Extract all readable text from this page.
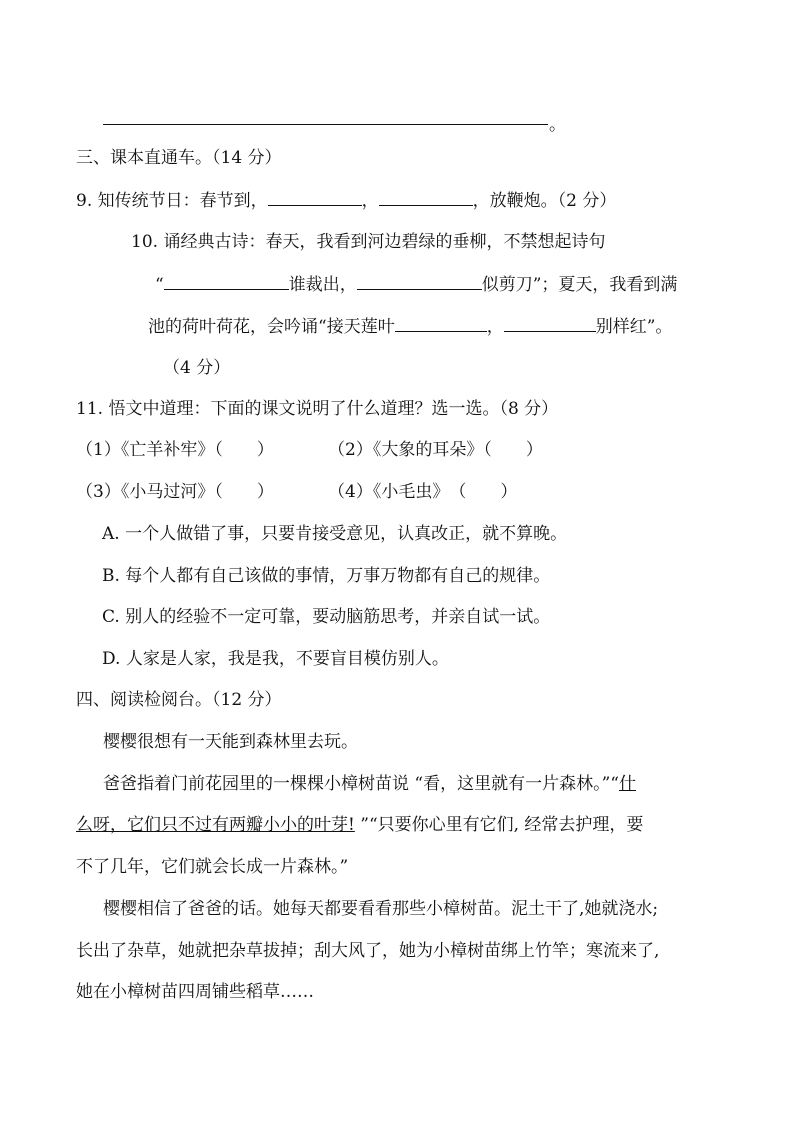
。
三、课本直通车。（14 分）
9. 知传统节日：春节到，	，	，放鞭炮。（2 分）
10. 诵经典古诗：春天，我看到河边碧绿的垂柳，不禁想起诗句
“	谁裁出，	似剪刀”；夏天，我看到满
池的荷叶荷花，会吟诵“接天莲叶	，	别样红”。
（4 分）
11. 悟文中道理：下面的课文说明了什么道理？选一选。（8 分）
（1）《亡羊补牢》（　　）	（2）《大象的耳朵》（　　）
（3）《小马过河》（　　）	（4）《小毛虫》　（　　）
A. 一个人做错了事，只要肯接受意见，认真改正，就不算晚。
B. 每个人都有自己该做的事情，万事万物都有自己的规律。
C. 别人的经验不一定可靠，要动脑筋思考，并亲自试一试。
D. 人家是人家，我是我，不要盲目模仿别人。
四、阅读检阅台。（12 分）
樱樱很想有一天能到森林里去玩。
爸爸指着门前花园里的一棵棵小樟树苗说 “看，这里就有一片森林。”“什
么呀，它们只不过有两瓣小小的叶芽! ”“只要你心里有它们, 经常去护理，要
不了几年，它们就会长成一片森林。”
樱樱相信了爸爸的话。她每天都要看看那些小樟树苗。泥土干了,她就浇水;
长出了杂草，她就把杂草拔掉；刮大风了，她为小樟树苗绑上竹竿；寒流来了,
她在小樟树苗四周铺些稻草……
